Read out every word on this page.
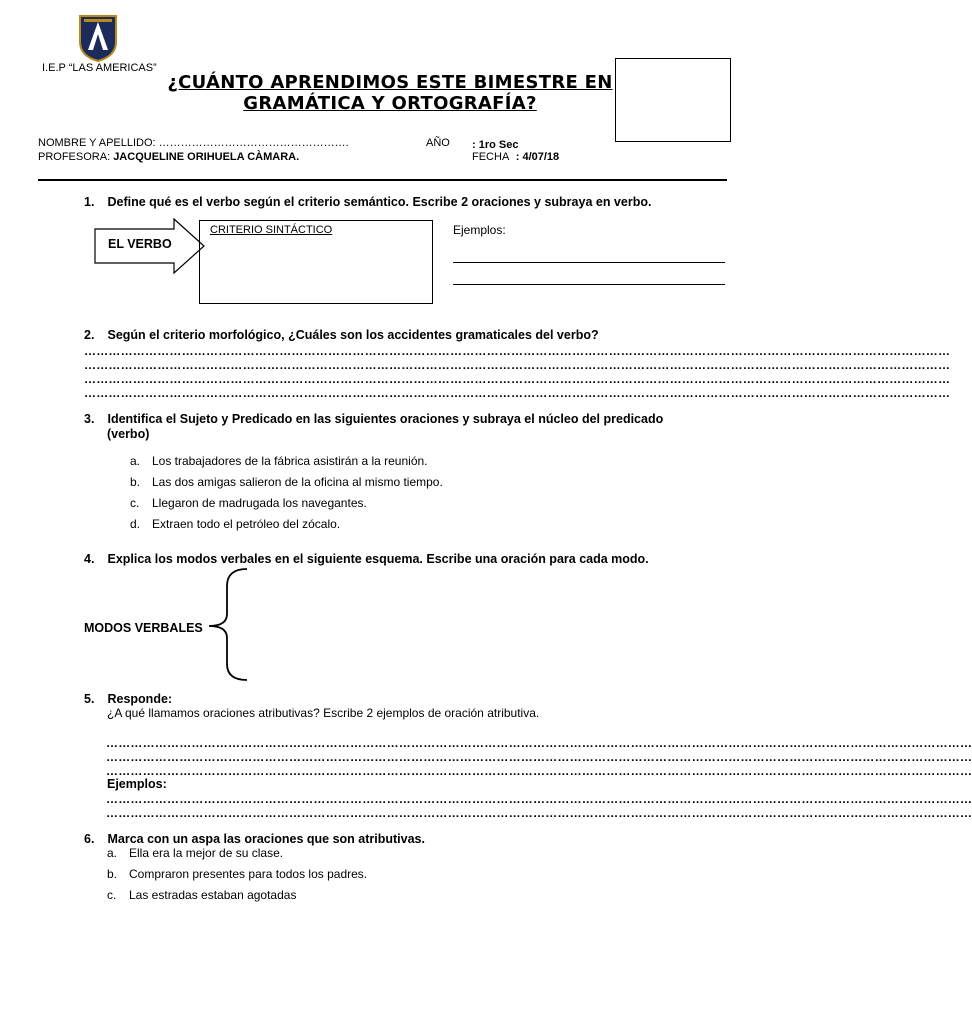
I.E.P “LAS AMERICAS”
¿CUÁNTO APRENDIMOS ESTE BIMESTRE EN
GRAMÁTICA Y ORTOGRAFÍA?
NOMBRE Y APELLIDO: …………………………………………….
PROFESORA: JACQUELINE ORIHUELA CÀMARA.
AÑO : 1ro Sec
FECHA : 4/07/18
1. Define qué es el verbo según el criterio semántico. Escribe 2 oraciones y subraya en verbo.
EL VERBO
CRITERIO SINTÁCTICO	Ejemplos:
2. Según el criterio morfológico, ¿Cuáles son los accidentes gramaticales del verbo?
……………………………………………………………………………………………………………………………………………………………………………………………
……………………………………………………………………………………………………………………………………………………………………………………………
……………………………………………………………………………………………………………………………………………………………………………………………
……………………………………………………………………………………………………………………………………………………………………………………………
3. Identifica el Sujeto y Predicado en las siguientes oraciones y subraya el núcleo del predicado
(verbo)
a. Los trabajadores de la fábrica asistirán a la reunión.
b. Las dos amigas salieron de la oficina al mismo tiempo.
c. Llegaron de madrugada los navegantes.
d. Extraen todo el petróleo del zócalo.
4. Explica los modos verbales en el siguiente esquema. Escribe una oración para cada modo.
MODOS VERBALES
5. Responde:
¿A qué llamamos oraciones atributivas? Escribe 2 ejemplos de oración atributiva.
……………………………………………………………………………………………………………………………………………………………………………………………
……………………………………………………………………………………………………………………………………………………………………………………………
……………………………………………………………………………………………………………………………………………………………………………………………
Ejemplos:
……………………………………………………………………………………………………………………………………………………………………………………………
……………………………………………………………………………………………………………………………………………………………………………………………
6. Marca con un aspa las oraciones que son atributivas.
a. Ella era la mejor de su clase.
b. Compraron presentes para todos los padres.
c. Las estradas estaban agotadas
